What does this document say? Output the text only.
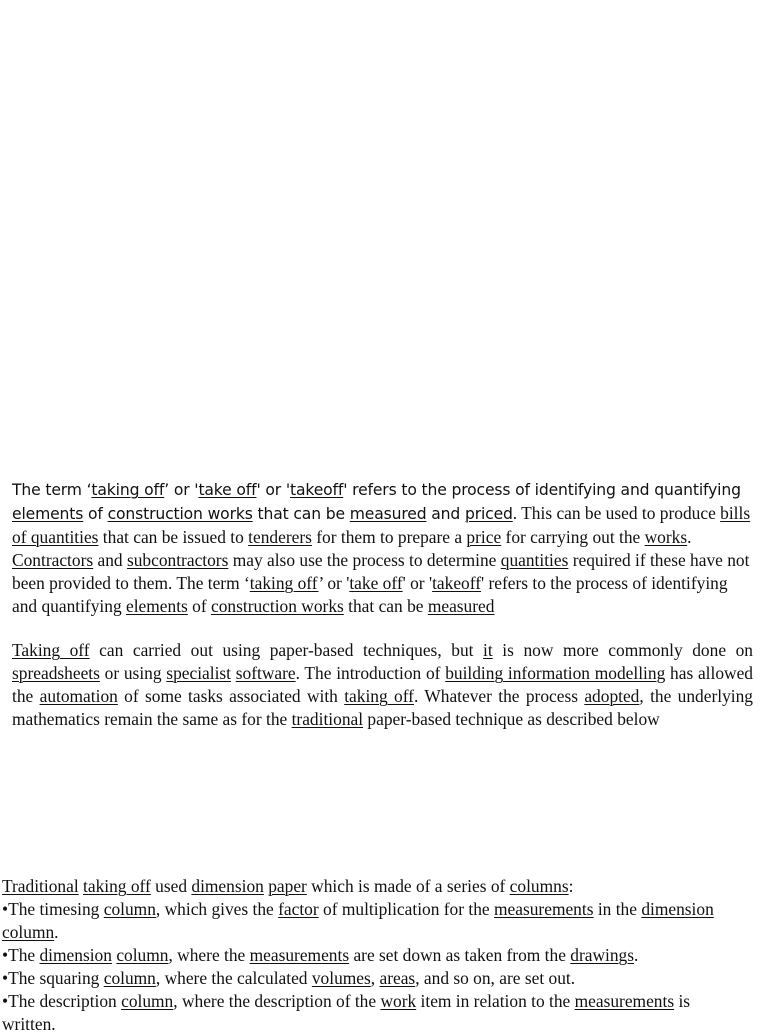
The term ‘taking off’ or 'take off' or 'takeoff' refers to the process of identifying and quantifying elements of construction works that can be measured and priced. This can be used to produce bills of quantities that can be issued to tenderers for them to prepare a price for carrying out the works. Contractors and subcontractors may also use the process to determine quantities required if these have not been provided to them. The term ‘taking off’ or 'take off' or 'takeoff' refers to the process of identifying and quantifying elements of construction works that can be measured

Taking off can carried out using paper-based techniques, but it is now more commonly done on spreadsheets or using specialist software. The introduction of building information modelling has allowed the automation of some tasks associated with taking off. Whatever the process adopted, the underlying mathematics remain the same as for the traditional paper-based technique as described below

Traditional taking off used dimension paper which is made of a series of columns:
•The timesing column, which gives the factor of multiplication for the measurements in the dimension column.
•The dimension column, where the measurements are set down as taken from the drawings.
•The squaring column, where the calculated volumes, areas, and so on, are set out.
•The description column, where the description of the work item in relation to the measurements is written.
